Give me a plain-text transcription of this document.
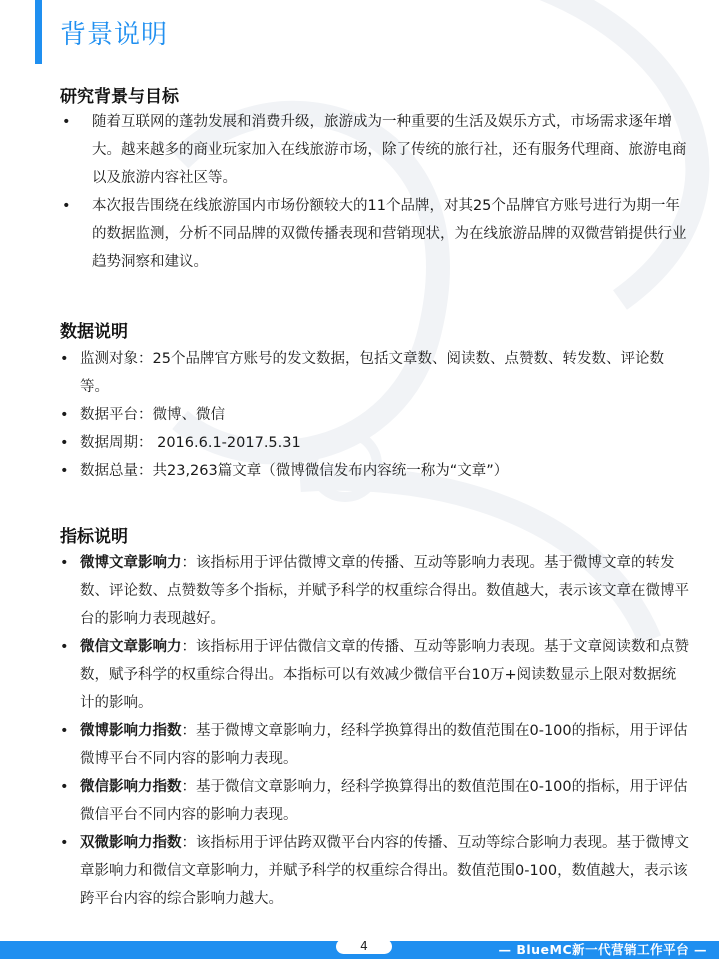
背景说明
研究背景与目标
• 随着互联网的蓬勃发展和消费升级，旅游成为一种重要的生活及娱乐方式，市场需求逐年增大。越来越多的商业玩家加入在线旅游市场，除了传统的旅行社，还有服务代理商、旅游电商以及旅游内容社区等。
• 本次报告围绕在线旅游国内市场份额较大的11个品牌，对其25个品牌官方账号进行为期一年的数据监测，分析不同品牌的双微传播表现和营销现状，为在线旅游品牌的双微营销提供行业趋势洞察和建议。
数据说明
• 监测对象：25个品牌官方账号的发文数据，包括文章数、阅读数、点赞数、转发数、评论数等。
• 数据平台：微博、微信
• 数据周期： 2016.6.1-2017.5.31
• 数据总量：共23,263篇文章（微博微信发布内容统一称为“文章”）
指标说明
• 微博文章影响力：该指标用于评估微博文章的传播、互动等影响力表现。基于微博文章的转发数、评论数、点赞数等多个指标，并赋予科学的权重综合得出。数值越大，表示该文章在微博平台的影响力表现越好。
• 微信文章影响力：该指标用于评估微信文章的传播、互动等影响力表现。基于文章阅读数和点赞数，赋予科学的权重综合得出。本指标可以有效减少微信平台10万+阅读数显示上限对数据统计的影响。
• 微博影响力指数：基于微博文章影响力，经科学换算得出的数值范围在0-100的指标，用于评估微博平台不同内容的影响力表现。
• 微信影响力指数：基于微信文章影响力，经科学换算得出的数值范围在0-100的指标，用于评估微信平台不同内容的影响力表现。
• 双微影响力指数：该指标用于评估跨双微平台内容的传播、互动等综合影响力表现。基于微博文章影响力和微信文章影响力，并赋予科学的权重综合得出。数值范围0-100，数值越大，表示该跨平台内容的综合影响力越大。
4	— BlueMC新一代营销工作平台 —
